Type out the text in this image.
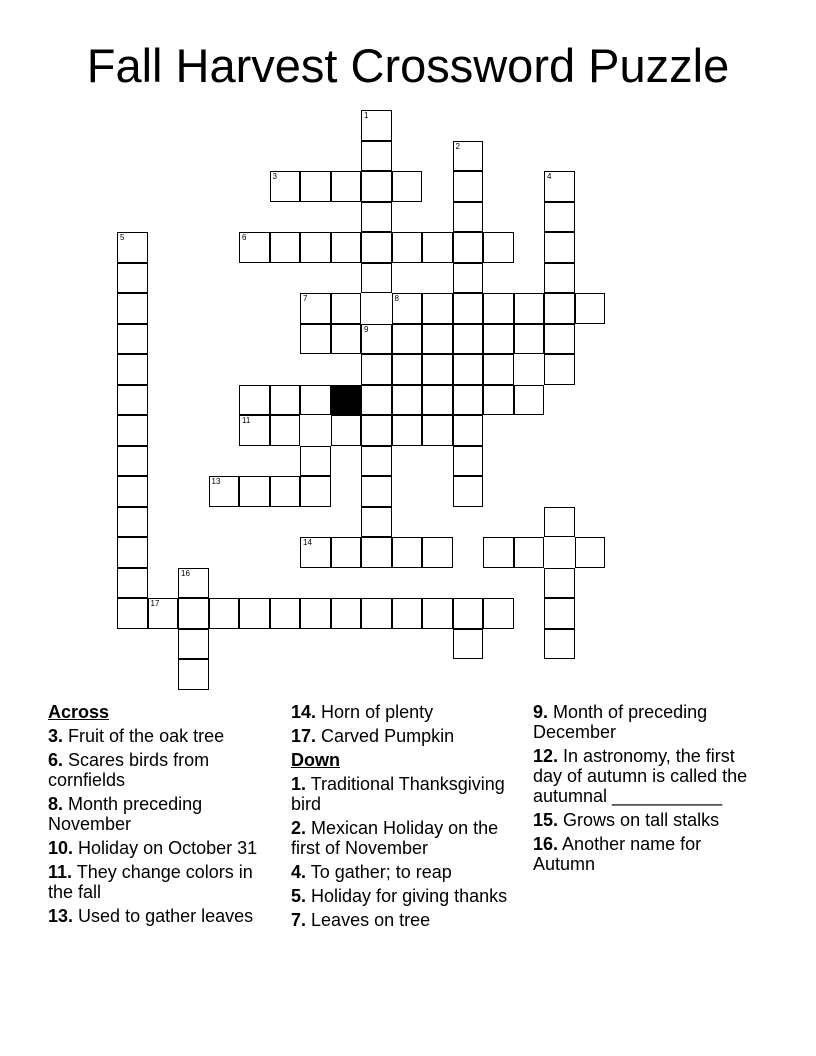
Fall Harvest Crossword Puzzle
1
2
3	4
5	6
7	8
9
11
13
14
16
17
Across
3. Fruit of the oak tree
6. Scares birds from cornfields
8. Month preceding November
10. Holiday on October 31
11. They change colors in the fall
13. Used to gather leaves
14. Horn of plenty
17. Carved Pumpkin
Down
1. Traditional Thanksgiving bird
2. Mexican Holiday on the first of November
4. To gather; to reap
5. Holiday for giving thanks
7. Leaves on tree
9. Month of preceding December
12. In astronomy, the first day of autumn is called the autumnal ___________
15. Grows on tall stalks
16. Another name for Autumn
